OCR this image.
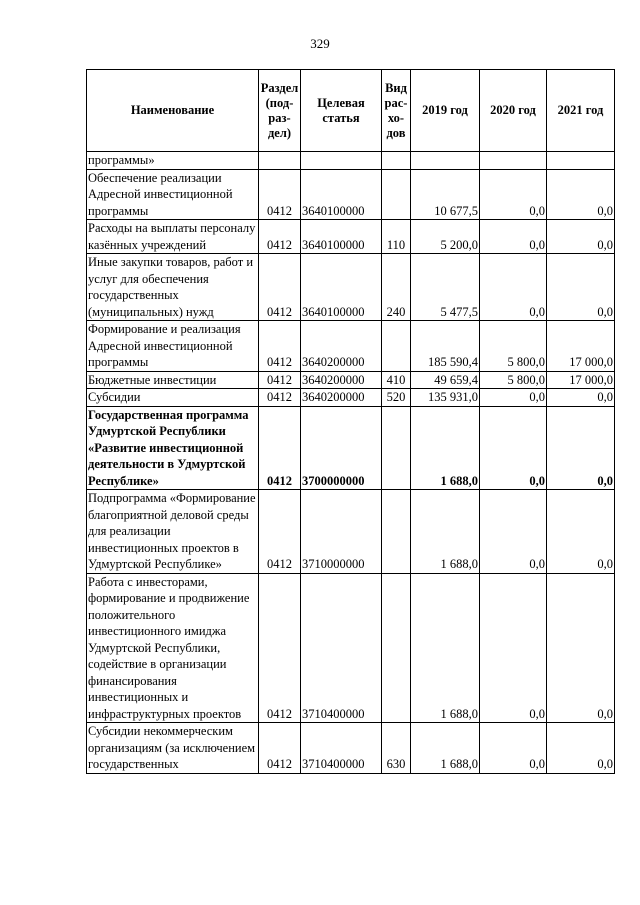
329
Наименование	Раздел (под-раз-дел)	Целевая статья	Вид рас-хо-дов	2019 год	2020 год	2021 год
программы»						
Обеспечение реализации Адресной инвестиционной программы	0412	3640100000		10 677,5	0,0	0,0
Расходы на выплаты персоналу казённых учреждений	0412	3640100000	110	5 200,0	0,0	0,0
Иные закупки товаров, работ и услуг для обеспечения государственных (муниципальных) нужд	0412	3640100000	240	5 477,5	0,0	0,0
Формирование и реализация Адресной инвестиционной программы	0412	3640200000		185 590,4	5 800,0	17 000,0
Бюджетные инвестиции	0412	3640200000	410	49 659,4	5 800,0	17 000,0
Субсидии	0412	3640200000	520	135 931,0	0,0	0,0
Государственная программа Удмуртской Республики «Развитие инвестиционной деятельности в Удмуртской Республике»	0412	3700000000		1 688,0	0,0	0,0
Подпрограмма «Формирование благоприятной деловой среды для реализации инвестиционных проектов в Удмуртской Республике»	0412	3710000000		1 688,0	0,0	0,0
Работа с инвесторами, формирование и продвижение положительного инвестиционного имиджа Удмуртской Республики, содействие в организации финансирования инвестиционных и инфраструктурных проектов	0412	3710400000		1 688,0	0,0	0,0
Субсидии некоммерческим организациям (за исключением государственных	0412	3710400000	630	1 688,0	0,0	0,0
